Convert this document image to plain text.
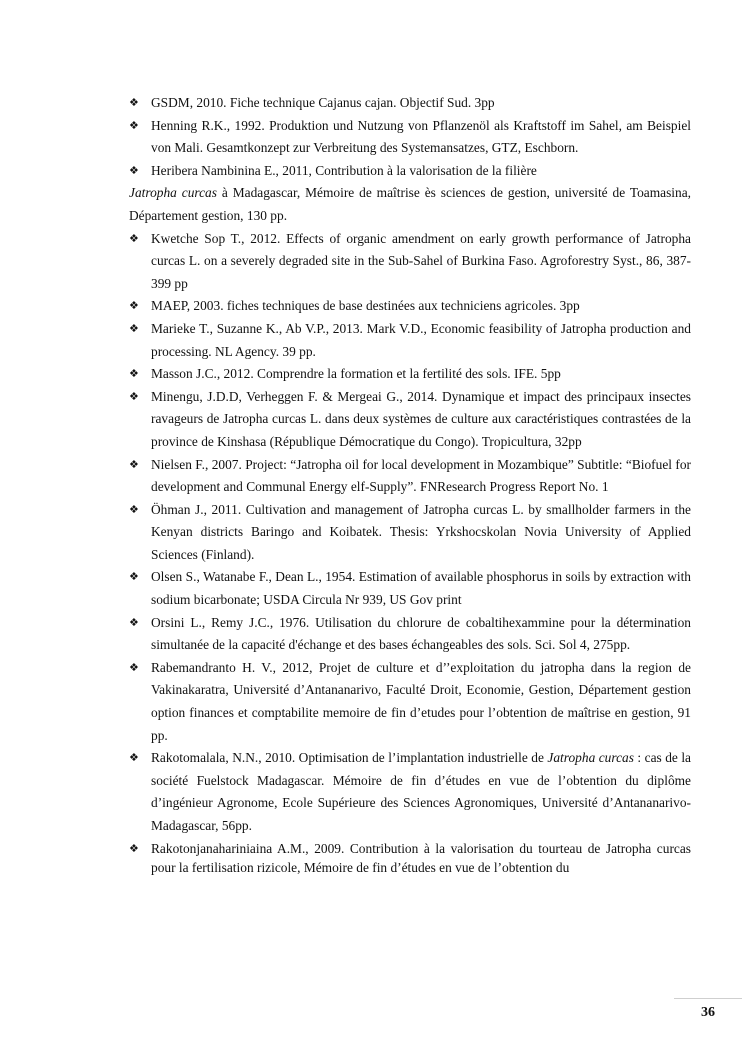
❖ GSDM, 2010. Fiche technique Cajanus cajan. Objectif Sud. 3pp
❖ Henning R.K., 1992. Produktion und Nutzung von Pflanzenöl als Kraftstoff im Sahel, am Beispiel von Mali. Gesamtkonzept zur Verbreitung des Systemansatzes, GTZ, Eschborn.
❖ Heribera Nambinina E., 2011, Contribution à la valorisation de la filière
Jatropha curcas à Madagascar, Mémoire de maîtrise ès sciences de gestion, université de Toamasina, Département gestion, 130 pp.
❖ Kwetche Sop T., 2012. Effects of organic amendment on early growth performance of Jatropha curcas L. on a severely degraded site in the Sub-Sahel of Burkina Faso. Agroforestry Syst., 86, 387-399 pp
❖ MAEP, 2003. fiches techniques de base destinées aux techniciens agricoles. 3pp
❖ Marieke T., Suzanne K., Ab V.P., 2013. Mark V.D., Economic feasibility of Jatropha production and processing. NL Agency. 39 pp.
❖ Masson J.C., 2012. Comprendre la formation et la fertilité des sols. IFE. 5pp
❖ Minengu, J.D.D, Verheggen F. & Mergeai G., 2014. Dynamique et impact des principaux insectes ravageurs de Jatropha curcas L. dans deux systèmes de culture aux caractéristiques contrastées de la province de Kinshasa (République Démocratique du Congo). Tropicultura, 32pp
❖ Nielsen F., 2007. Project: “Jatropha oil for local development in Mozambique” Subtitle: “Biofuel for development and Communal Energy elf-Supply”. FNResearch Progress Report No. 1
❖ Öhman J., 2011. Cultivation and management of Jatropha curcas L. by smallholder farmers in the Kenyan districts Baringo and Koibatek. Thesis: Yrkshocskolan Novia University of Applied Sciences (Finland).
❖ Olsen S., Watanabe F., Dean L., 1954. Estimation of available phosphorus in soils by extraction with sodium bicarbonate; USDA Circula Nr 939, US Gov print
❖ Orsini L., Remy J.C., 1976. Utilisation du chlorure de cobaltihexammine pour la détermination simultanée de la capacité d'échange et des bases échangeables des sols. Sci. Sol 4, 275pp.
❖ Rabemandranto H. V., 2012, Projet de culture et d’’exploitation du jatropha dans la region de Vakinakaratra, Université d’Antananarivo, Faculté Droit, Economie, Gestion, Département gestion option finances et comptabilite memoire de fin d’etudes pour l’obtention de maîtrise en gestion, 91 pp.
❖ Rakotomalala, N.N., 2010. Optimisation de l’implantation industrielle de Jatropha curcas : cas de la société Fuelstock Madagascar. Mémoire de fin d’études en vue de l’obtention du diplôme d’ingénieur Agronome, Ecole Supérieure des Sciences Agronomiques, Université d’Antananarivo-Madagascar, 56pp.
❖ Rakotonjanahariniaina A.M., 2009. Contribution à la valorisation du tourteau de Jatropha curcas pour la fertilisation rizicole, Mémoire de fin d’études en vue de l’obtention du
36
